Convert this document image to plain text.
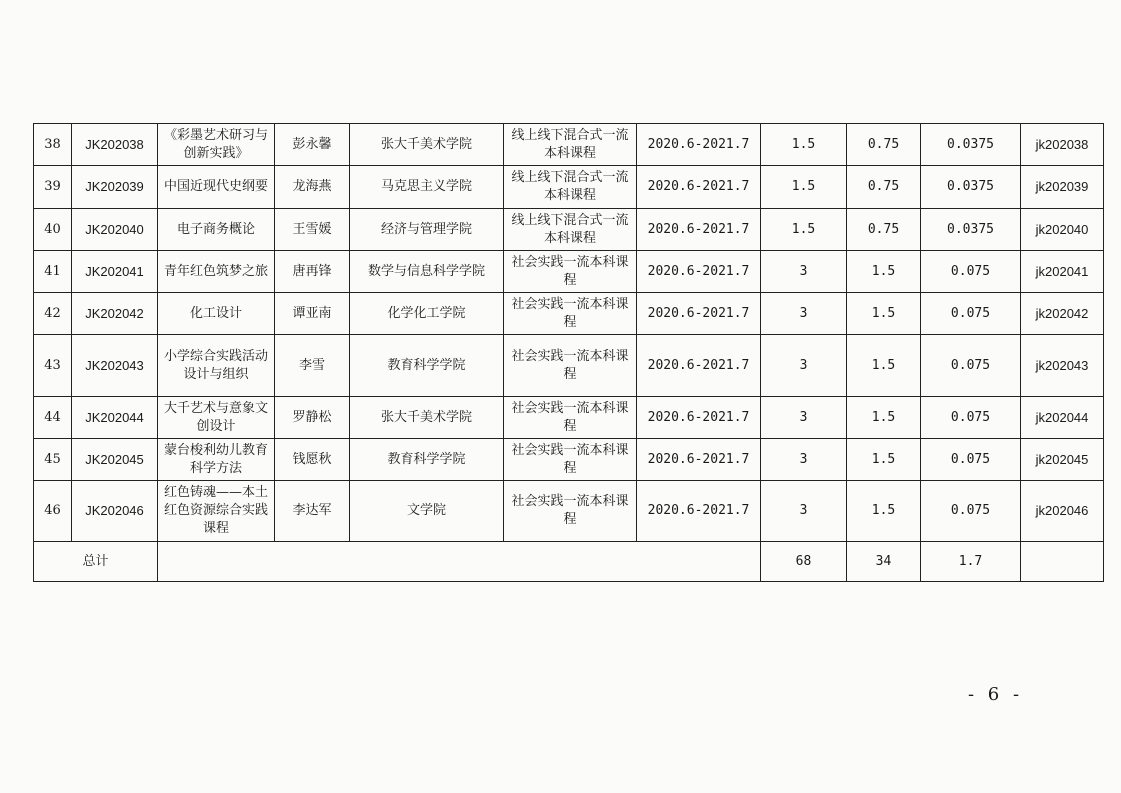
38	JK202038	《彩墨艺术研习与创新实践》	彭永馨	张大千美术学院	线上线下混合式一流本科课程	2020.6-2021.7	1.5	0.75	0.0375	jk202038
39	JK202039	中国近现代史纲要	龙海燕	马克思主义学院	线上线下混合式一流本科课程	2020.6-2021.7	1.5	0.75	0.0375	jk202039
40	JK202040	电子商务概论	王雪媛	经济与管理学院	线上线下混合式一流本科课程	2020.6-2021.7	1.5	0.75	0.0375	jk202040
41	JK202041	青年红色筑梦之旅	唐再锋	数学与信息科学学院	社会实践一流本科课程	2020.6-2021.7	3	1.5	0.075	jk202041
42	JK202042	化工设计	谭亚南	化学化工学院	社会实践一流本科课程	2020.6-2021.7	3	1.5	0.075	jk202042
43	JK202043	小学综合实践活动设计与组织	李雪	教育科学学院	社会实践一流本科课程	2020.6-2021.7	3	1.5	0.075	jk202043
44	JK202044	大千艺术与意象文创设计	罗静松	张大千美术学院	社会实践一流本科课程	2020.6-2021.7	3	1.5	0.075	jk202044
45	JK202045	蒙台梭利幼儿教育科学方法	钱愿秋	教育科学学院	社会实践一流本科课程	2020.6-2021.7	3	1.5	0.075	jk202045
46	JK202046	红色铸魂——本土红色资源综合实践课程	李达军	文学院	社会实践一流本科课程	2020.6-2021.7	3	1.5	0.075	jk202046
总计							68	34	1.7	
- 6 -
